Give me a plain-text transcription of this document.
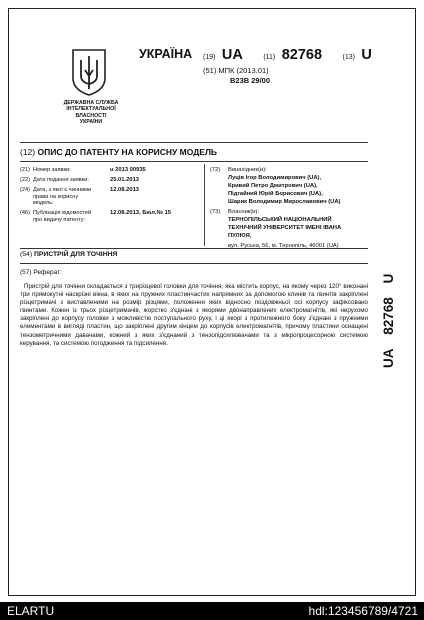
ДЕРЖАВНА СЛУЖБА
ІНТЕЛЕКТУАЛЬНОЇ
ВЛАСНОСТІ
УКРАЇНИ
УКРАЇНА (19) UA	(11) 82768	(13) U
(51) МПК (2013.01)
B23B 29/00
(12) ОПИС ДО ПАТЕНТУ НА КОРИСНУ МОДЕЛЬ
(21) Номер заявки:	u 2013 00935
(22) Дата подання заявки:	25.01.2013
(24) Дата, з якої є чинними
права на корисну
модель:
12.08.2013
(46) Публікація відомостей
про видачу патенту:
12.08.2013, Бюл.№ 15
(72) Винахідник(и):
Луців Ігор Володимирович (UA),
Кривий Петро Дмитрович (UA),
Підгайний Юрій Борисович (UA),
Шарик Володимир Мирославович (UA)
(73) Власник(и):
ТЕРНОПІЛЬСЬКИЙ НАЦІОНАЛЬНИЙ
ТЕХНІЧНИЙ УНІВЕРСИТЕТ ІМЕНІ ІВАНА
ПУЛЮЯ,
вул. Руська, 56, м. Тернопіль, 46001 (UA)
(54) ПРИСТРІЙ ДЛЯ ТОЧІННЯ
(57) Реферат:
Пристрій для точіння складається з трирізцевої головки для точіння, яка містить корпус, на якому через 120° виконані три прямокутні наскрізні вікна, в яких на пружних пластинчастих напрямних за допомогою клинів та гвинтів закріплені різцетримачі з виставленими на розмір різцями, положення яких відносно поздовжньої осі корпусу зафіксовано гвинтами. Кожен із трьох різцетримачів, жорстко з'єднані з якорями двонаправлених електромагнітів, які нерухомо закріплені до корпусу головки з можливістю поступального руху, і ці якорі з протилежного боку з'єднані з пружними елементами в вигляді пластин, що закріплені другим кінцем до корпусів електромагнітів, причому пластини оснащені тензометричними давачами, кожний з яких з'єднаний з тензопідсилювачами та з мікропроцесорною системою керування, та системою погодження та підсилення.
UA 82768 U
ELARTU	hdl:123456789/4721
